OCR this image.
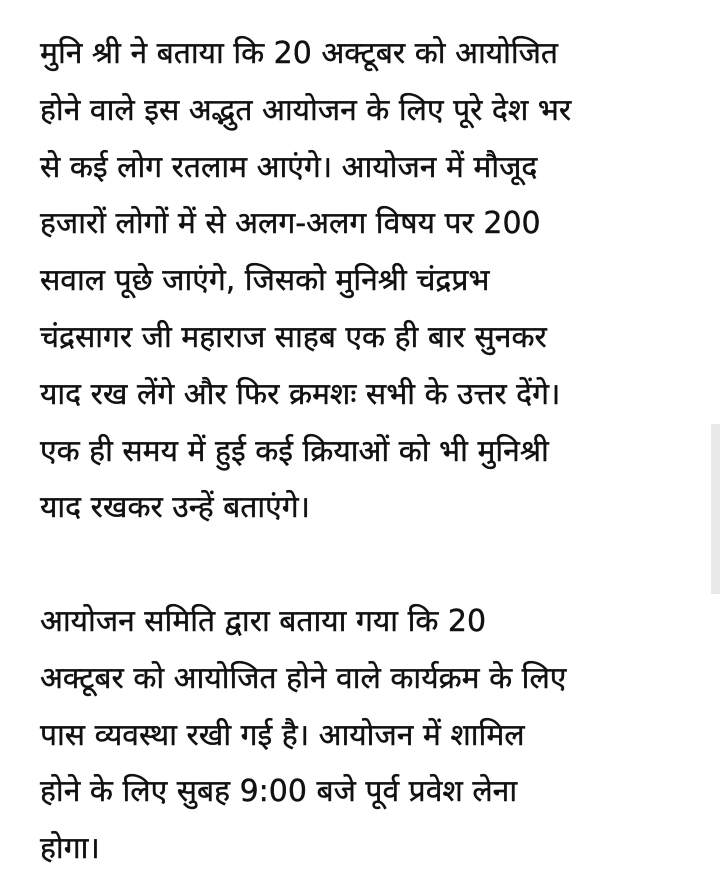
मुनि श्री ने बताया कि 20 अक्टूबर को आयोजित
होने वाले इस अद्भुत आयोजन के लिए पूरे देश भर
से कई लोग रतलाम आएंगे। आयोजन में मौजूद
हजारों लोगों में से अलग-अलग विषय पर 200
सवाल पूछे जाएंगे, जिसको मुनिश्री चंद्रप्रभ
चंद्रसागर जी महाराज साहब एक ही बार सुनकर
याद रख लेंगे और फिर क्रमशः सभी के उत्तर देंगे।
एक ही समय में हुई कई क्रियाओं को भी मुनिश्री
याद रखकर उन्हें बताएंगे।

आयोजन समिति द्वारा बताया गया कि 20
अक्टूबर को आयोजित होने वाले कार्यक्रम के लिए
पास व्यवस्था रखी गई है। आयोजन में शामिल
होने के लिए सुबह 9:00 बजे पूर्व प्रवेश लेना
होगा।
